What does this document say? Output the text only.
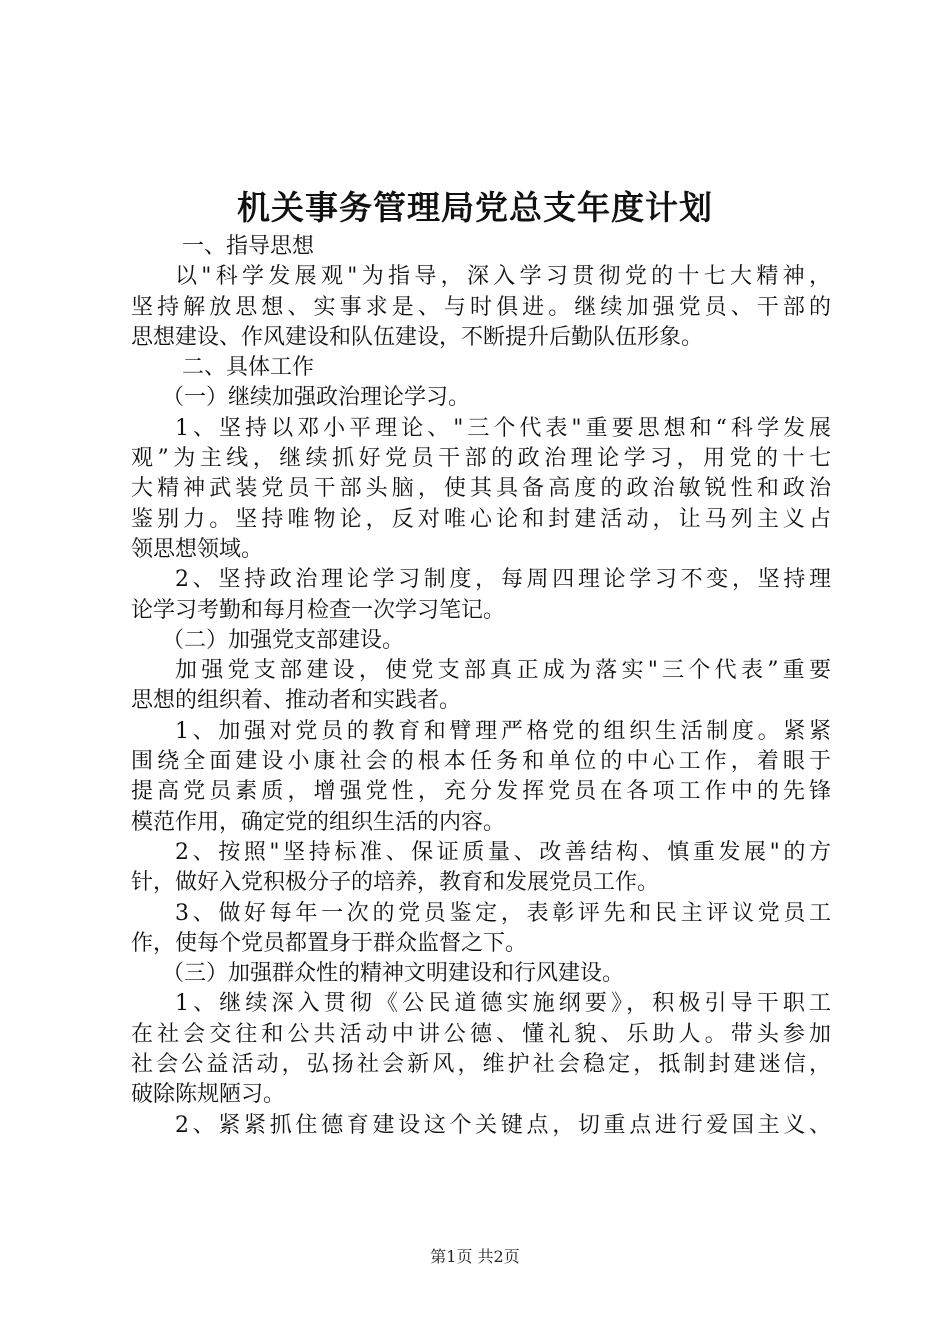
机关事务管理局党总支年度计划
一、指导思想
以"科学发展观"为指导，深入学习贯彻党的十七大精神，
坚持解放思想、实事求是、与时俱进。继续加强党员、干部的
思想建设、作风建设和队伍建设，不断提升后勤队伍形象。
二、具体工作
（一）继续加强政治理论学习。
1、坚持以邓小平理论、"三个代表"重要思想和“科学发展
观”为主线，继续抓好党员干部的政治理论学习，用党的十七
大精神武装党员干部头脑，使其具备高度的政治敏锐性和政治
鉴别力。坚持唯物论，反对唯心论和封建活动，让马列主义占
领思想领域。
2、坚持政治理论学习制度，每周四理论学习不变，坚持理
论学习考勤和每月检查一次学习笔记。
（二）加强党支部建设。
加强党支部建设，使党支部真正成为落实"三个代表”重要
思想的组织着、推动者和实践者。
1、加强对党员的教育和臂理严格党的组织生活制度。紧紧
围绕全面建设小康社会的根本任务和单位的中心工作，着眼于
提高党员素质，增强党性，充分发挥党员在各项工作中的先锋
模范作用，确定党的组织生活的内容。
2、按照"坚持标准、保证质量、改善结构、慎重发展"的方
针，做好入党积极分子的培养，教育和发展党员工作。
3、做好每年一次的党员鉴定，表彰评先和民主评议党员工
作，使每个党员都置身于群众监督之下。
（三）加强群众性的精神文明建设和行风建设。
1、继续深入贯彻《公民道德实施纲要》，积极引导干职工
在社会交往和公共活动中讲公德、懂礼貌、乐助人。带头参加
社会公益活动，弘扬社会新风，维护社会稳定，抵制封建迷信，
破除陈规陋习。
2、紧紧抓住德育建设这个关键点，切重点进行爱国主义、
第1页 共2页
